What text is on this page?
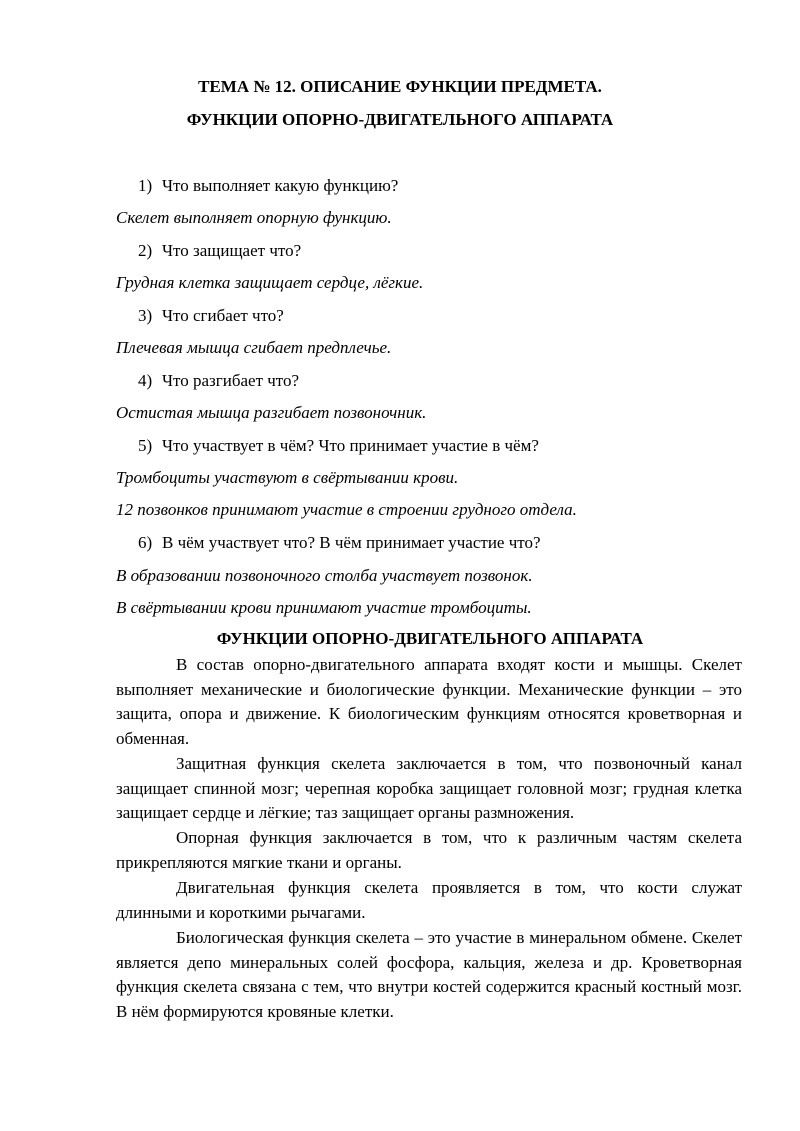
ТЕМА № 12. ОПИСАНИЕ ФУНКЦИИ ПРЕДМЕТА.
ФУНКЦИИ ОПОРНО-ДВИГАТЕЛЬНОГО АППАРАТА
1) Что выполняет какую функцию?
Скелет выполняет опорную функцию.
2) Что защищает что?
Грудная клетка защищает сердце, лёгкие.
3) Что сгибает что?
Плечевая мышца сгибает предплечье.
4) Что разгибает что?
Остистая мышца разгибает позвоночник.
5) Что участвует в чём? Что принимает участие в чём?
Тромбоциты участвуют в свёртывании крови.
12 позвонков принимают участие в строении грудного отдела.
6) В чём участвует что? В чём принимает участие что?
В образовании позвоночного столба участвует позвонок.
В свёртывании крови принимают участие тромбоциты.
ФУНКЦИИ ОПОРНО-ДВИГАТЕЛЬНОГО АППАРАТА

В состав опорно-двигательного аппарата входят кости и мышцы. Скелет выполняет механические и биологические функции. Механические функции – это защита, опора и движение. К биологическим функциям относятся кроветворная и обменная.

Защитная функция скелета заключается в том, что позвоночный канал защищает спинной мозг; черепная коробка защищает головной мозг; грудная клетка защищает сердце и лёгкие; таз защищает органы размножения.

Опорная функция заключается в том, что к различным частям скелета прикрепляются мягкие ткани и органы.

Двигательная функция скелета проявляется в том, что кости служат длинными и короткими рычагами.

Биологическая функция скелета – это участие в минеральном обмене. Скелет является депо минеральных солей фосфора, кальция, железа и др. Кроветворная функция скелета связана с тем, что внутри костей содержится красный костный мозг. В нём формируются кровяные клетки.
